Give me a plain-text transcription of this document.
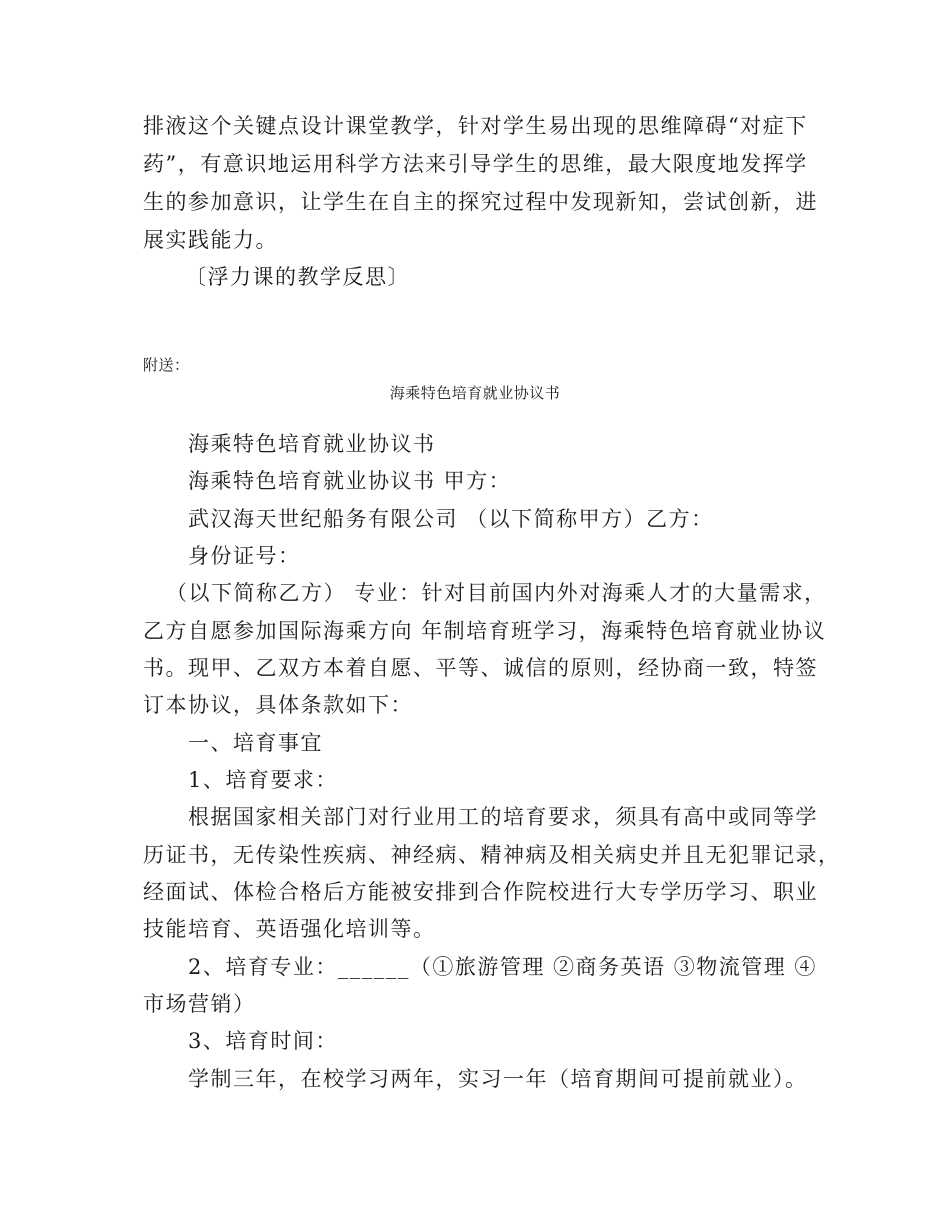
排液这个关键点设计课堂教学，针对学生易出现的思维障碍“对症下
药”，有意识地运用科学方法来引导学生的思维，最大限度地发挥学
生的参加意识，让学生在自主的探究过程中发现新知，尝试创新，进
展实践能力。
〔浮力课的教学反思〕
附送：
海乘特色培育就业协议书
海乘特色培育就业协议书
海乘特色培育就业协议书 甲方：
武汉海天世纪船务有限公司 （以下简称甲方）乙方：
身份证号：
（以下简称乙方） 专业：针对目前国内外对海乘人才的大量需求，
乙方自愿参加国际海乘方向 年制培育班学习，海乘特色培育就业协议
书。现甲、乙双方本着自愿、平等、诚信的原则，经协商一致，特签
订本协议，具体条款如下：
一、培育事宜
1、培育要求：
根据国家相关部门对行业用工的培育要求，须具有高中或同等学
历证书，无传染性疾病、神经病、精神病及相关病史并且无犯罪记录，
经面试、体检合格后方能被安排到合作院校进行大专学历学习、职业
技能培育、英语强化培训等。
2、培育专业：______（①旅游管理 ②商务英语 ③物流管理 ④
市场营销）
3、培育时间：
学制三年，在校学习两年，实习一年（培育期间可提前就业）。
